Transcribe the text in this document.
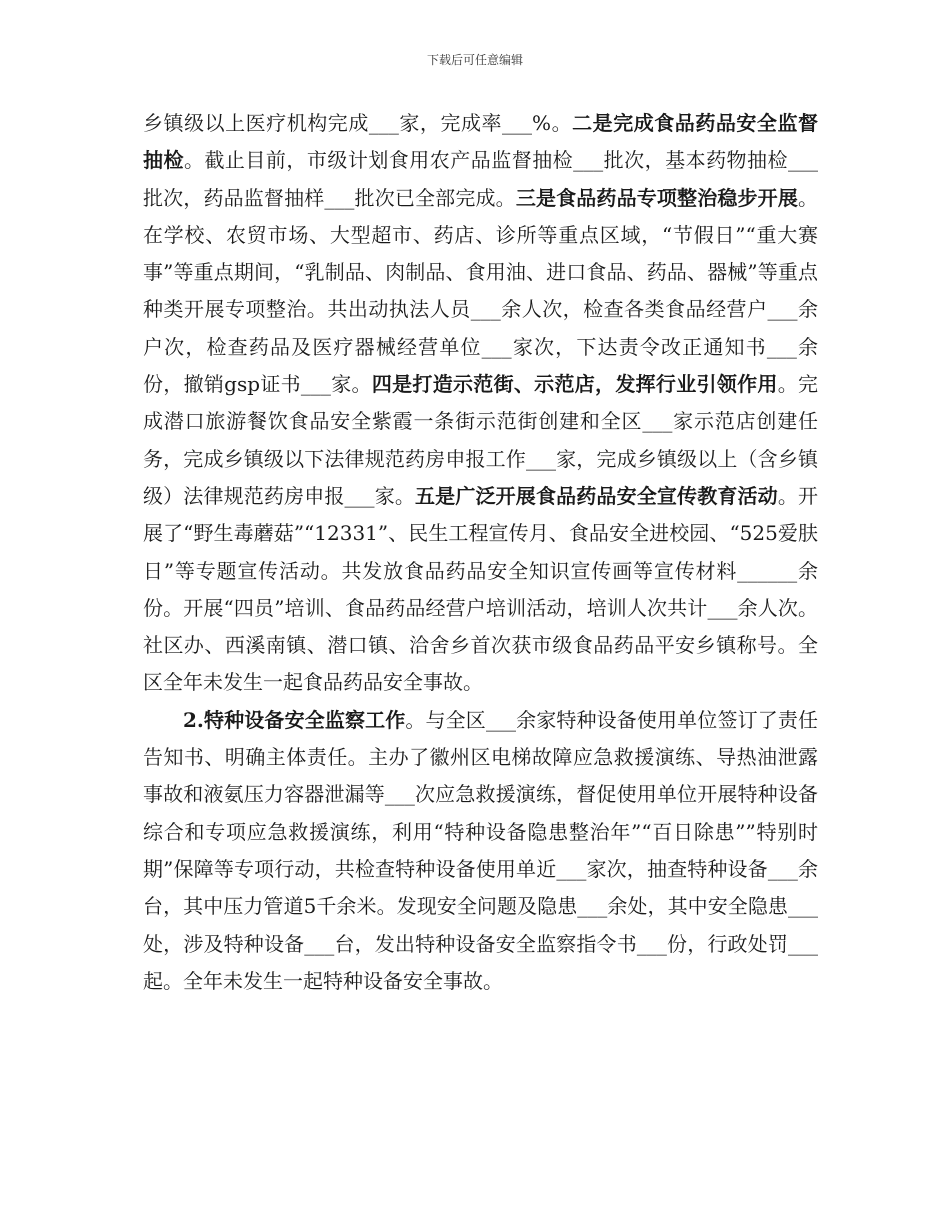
下载后可任意编辑

乡镇级以上医疗机构完成___家，完成率___%。二是完成食品药品安全监督抽检。截止目前，市级计划食用农产品监督抽检___批次，基本药物抽检___批次，药品监督抽样___批次已全部完成。三是食品药品专项整治稳步开展。在学校、农贸市场、大型超市、药店、诊所等重点区域，“节假日”“重大赛事”等重点期间，“乳制品、肉制品、食用油、进口食品、药品、器械”等重点种类开展专项整治。共出动执法人员___余人次，检查各类食品经营户___余户次，检查药品及医疗器械经营单位___家次，下达责令改正通知书___余份，撤销gsp证书___家。四是打造示范街、示范店，发挥行业引领作用。完成潜口旅游餐饮食品安全紫霞一条街示范街创建和全区___家示范店创建任务，完成乡镇级以下法律规范药房申报工作___家，完成乡镇级以上（含乡镇级）法律规范药房申报___家。五是广泛开展食品药品安全宣传教育活动。开展了“野生毒蘑菇”“12331”、民生工程宣传月、食品安全进校园、“525爱肤日”等专题宣传活动。共发放食品药品安全知识宣传画等宣传材料______余份。开展“四员”培训、食品药品经营户培训活动，培训人次共计___余人次。社区办、西溪南镇、潜口镇、洽舍乡首次获市级食品药品平安乡镇称号。全区全年未发生一起食品药品安全事故。

2.特种设备安全监察工作。与全区___余家特种设备使用单位签订了责任告知书、明确主体责任。主办了徽州区电梯故障应急救援演练、导热油泄露事故和液氨压力容器泄漏等___次应急救援演练，督促使用单位开展特种设备综合和专项应急救援演练，利用“特种设备隐患整治年”“百日除患””特别时期”保障等专项行动，共检查特种设备使用单近___家次，抽查特种设备___余台，其中压力管道5千余米。发现安全问题及隐患___余处，其中安全隐患___处，涉及特种设备___台，发出特种设备安全监察指令书___份，行政处罚___起。全年未发生一起特种设备安全事故。
